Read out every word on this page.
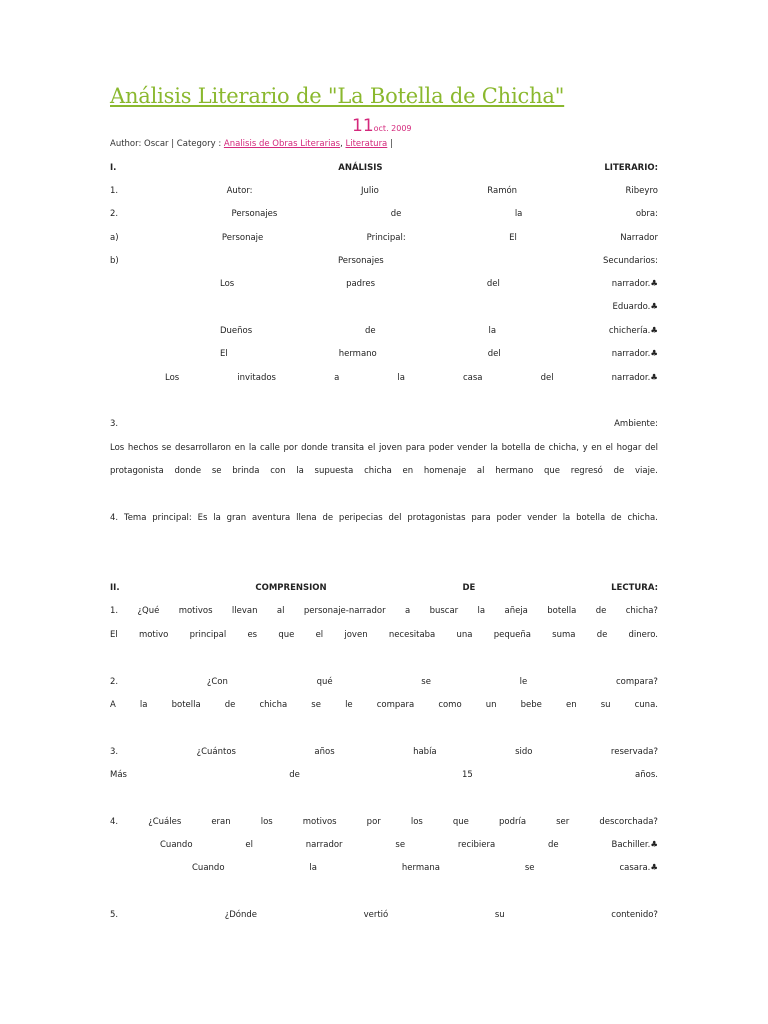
Análisis Literario de "La Botella de Chicha"
11oct. 2009
Author: Oscar | Category : Analisis de Obras Literarias, Literatura |
I.	ANÁLISIS	LITERARIO:
1.	Autor:	Julio	Ramón	Ribeyro
2.	Personajes	de	la	obra:
a)	Personaje	Principal:	El	Narrador
b)	Personajes	Secundarios:
Los	padres	del	narrador.♣
Eduardo.♣
Dueños	de	la	chichería.♣
El	hermano	del	narrador.♣
Los	invitados	a	la	casa	del	narrador.♣
3.	Ambiente:
Los hechos se desarrollaron en la calle por donde transita el joven para poder vender la botella de chicha, y en el hogar del
protagonista donde se brinda con la supuesta chicha en homenaje al hermano que regresó de viaje.
4. Tema principal: Es la gran aventura llena de peripecias del protagonistas para poder vender la botella de chicha.
II.	COMPRENSION	DE	LECTURA:
1. ¿Qué motivos llevan al personaje-narrador a buscar la añeja botella de chicha?
El motivo principal es que el joven necesitaba una pequeña suma de dinero.
2.	¿Con	qué	se	le	compara?
A	la	botella	de	chicha	se	le	compara	como	un	bebe	en	su	cuna.
3.	¿Cuántos	años	había	sido	reservada?
Más	de	15	años.
4.	¿Cuáles	eran	los	motivos	por	los	que	podría	ser	descorchada?
Cuando	el	narrador	se	recibiera	de	Bachiller.♣
Cuando	la	hermana	se	casara.♣
5.	¿Dónde	vertió	su	contenido?
